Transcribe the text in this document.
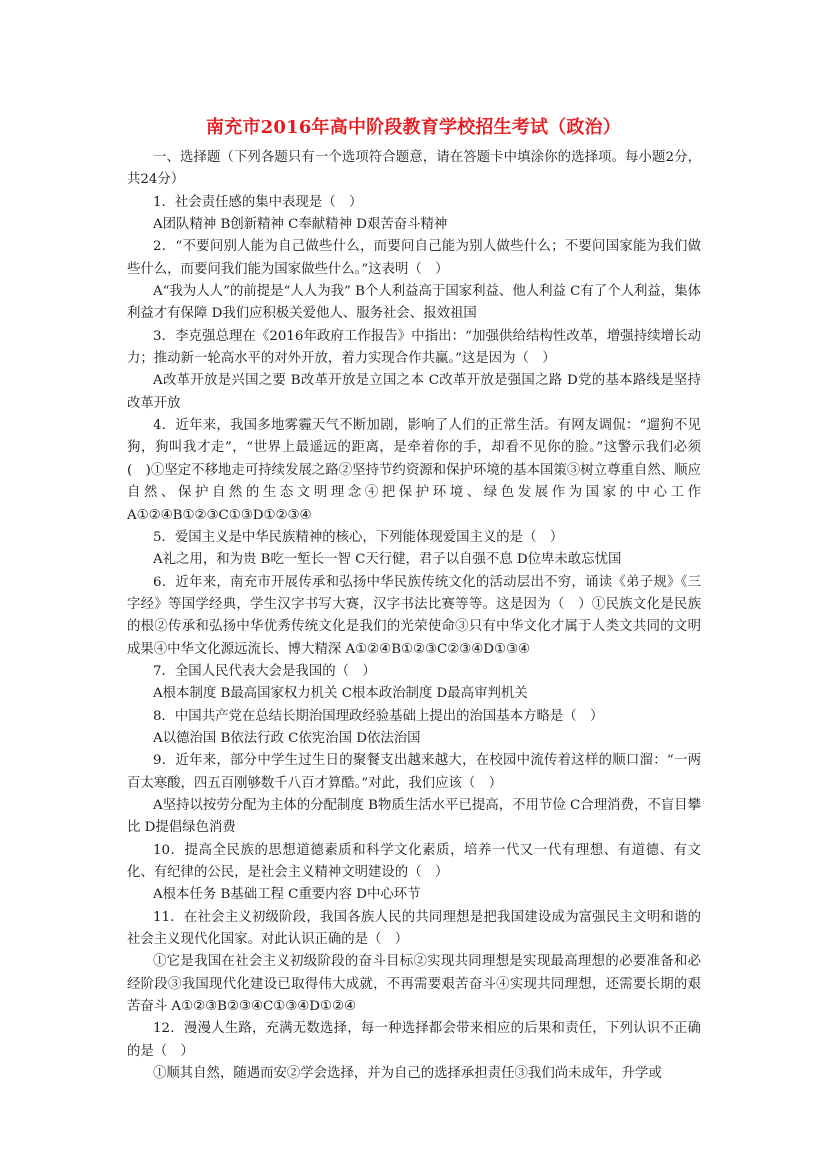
南充市2016年高中阶段教育学校招生考试（政治）

一、选择题（下列各题只有一个选项符合题意，请在答题卡中填涂你的选择项。每小题2分，共24分）

1．社会责任感的集中表现是（　）

A团队精神 B创新精神 C奉献精神 D艰苦奋斗精神

2．“不要问别人能为自己做些什么，而要问自己能为别人做些什么；不要问国家能为我们做些什么，而要问我们能为国家做些什么。”这表明（　）

A“我为人人”的前提是“人人为我” B个人利益高于国家利益、他人利益 C有了个人利益，集体利益才有保障 D我们应积极关爱他人、服务社会、报效祖国

3．李克强总理在《2016年政府工作报告》中指出：“加强供给结构性改革，增强持续增长动力；推动新一轮高水平的对外开放，着力实现合作共赢。”这是因为（　）

A改革开放是兴国之要 B改革开放是立国之本 C改革开放是强国之路 D党的基本路线是坚持改革开放

4．近年来，我国多地雾霾天气不断加剧，影响了人们的正常生活。有网友调侃：“遛狗不见狗，狗叫我才走”，“世界上最遥远的距离，是牵着你的手，却看不见你的脸。”这警示我们必须(　)①坚定不移地走可持续发展之路②坚持节约资源和保护环境的基本国策③树立尊重自然、顺应自然、保护自然的生态文明理念④把保护环境、绿色发展作为国家的中心工作 A①②④B①②③C①③D①②③④

5．爱国主义是中华民族精神的核心，下列能体现爱国主义的是（　）

A礼之用，和为贵 B吃一堑长一智 C天行健，君子以自强不息 D位卑未敢忘忧国

6．近年来，南充市开展传承和弘扬中华民族传统文化的活动层出不穷，诵读《弟子规》《三字经》等国学经典，学生汉字书写大赛，汉字书法比赛等等。这是因为（　）①民族文化是民族的根②传承和弘扬中华优秀传统文化是我们的光荣使命③只有中华文化才属于人类文共同的文明成果④中华文化源远流长、博大精深 A①②④B①②③C②③④D①③④

7．全国人民代表大会是我国的（　）

A根本制度 B最高国家权力机关 C根本政治制度 D最高审判机关

8．中国共产党在总结长期治国理政经验基础上提出的治国基本方略是（　）

A以德治国 B依法行政 C依宪治国 D依法治国

9．近年来，部分中学生过生日的聚餐支出越来越大，在校园中流传着这样的顺口溜：“一两百太寒酸，四五百刚够数千八百才算酷。”对此，我们应该（　）

A坚持以按劳分配为主体的分配制度 B物质生活水平已提高，不用节俭 C合理消费，不盲目攀比 D提倡绿色消费

10．提高全民族的思想道德素质和科学文化素质，培养一代又一代有理想、有道德、有文化、有纪律的公民，是社会主义精神文明建设的（　）

A根本任务 B基础工程 C重要内容 D中心环节

11．在社会主义初级阶段，我国各族人民的共同理想是把我国建设成为富强民主文明和谐的社会主义现代化国家。对此认识正确的是（　）

①它是我国在社会主义初级阶段的奋斗目标②实现共同理想是实现最高理想的必要准备和必经阶段③我国现代化建设已取得伟大成就，不再需要艰苦奋斗④实现共同理想，还需要长期的艰苦奋斗 A①②③B②③④C①③④D①②④

12．漫漫人生路，充满无数选择，每一种选择都会带来相应的后果和责任，下列认识不正确的是（　）

①顺其自然，随遇而安②学会选择，并为自己的选择承担责任③我们尚未成年，升学或
